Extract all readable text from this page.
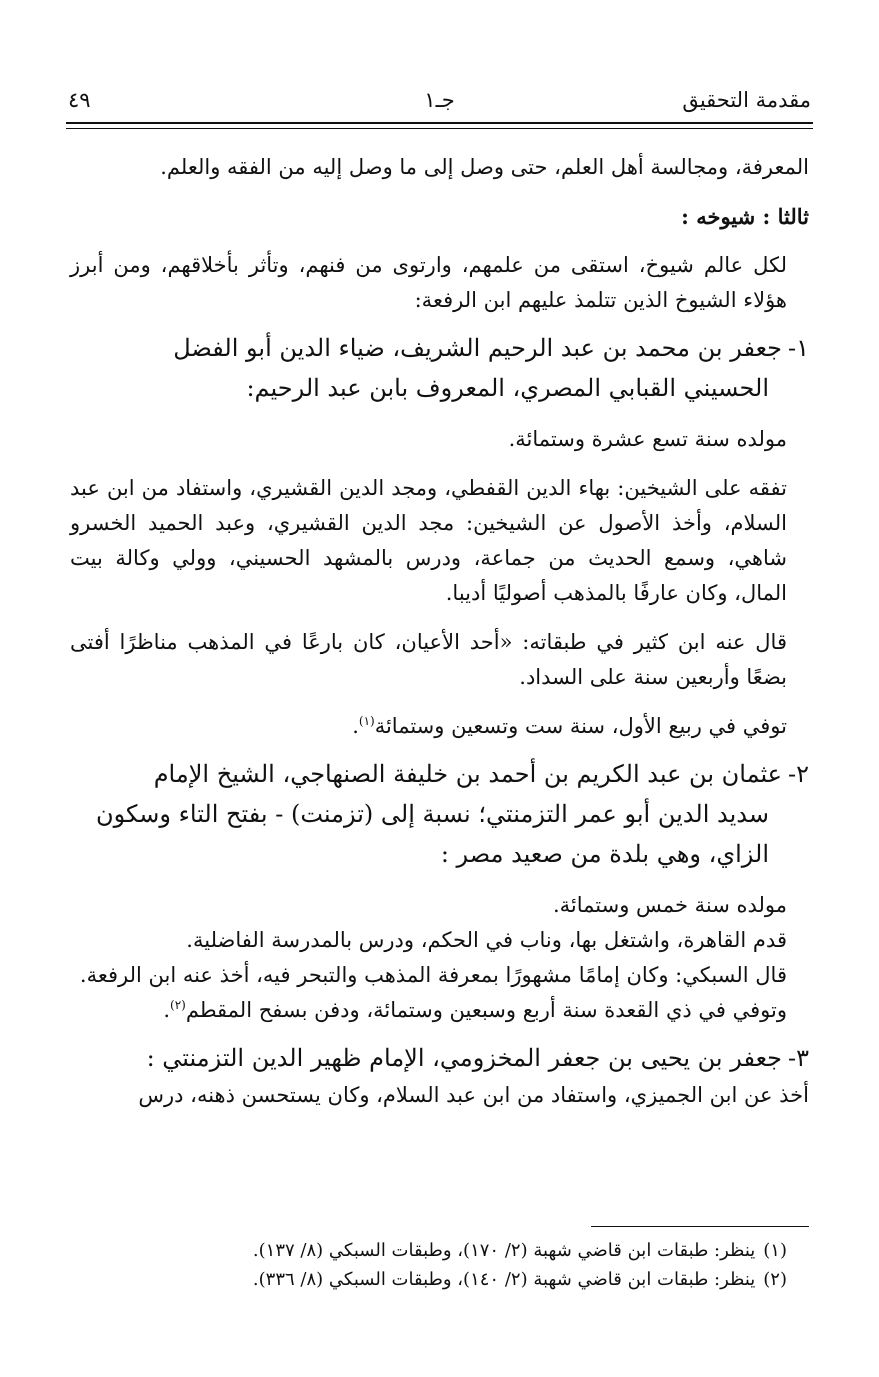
مقدمة التحقيق
جـ١
٤٩

المعرفة، ومجالسة أهل العلم، حتى وصل إلى ما وصل إليه من الفقه والعلم.

ثالثا : شيوخه :

لكل عالم شيوخ، استقى من علمهم، وارتوى من فنهم، وتأثر بأخلاقهم، ومن أبرز هؤلاء الشيوخ الذين تتلمذ عليهم ابن الرفعة:

١-جعفر بن محمد بن عبد الرحيم الشريف، ضياء الدين أبو الفضل

الحسيني القبابي المصري، المعروف بابن عبد الرحيم:

مولده سنة تسع عشرة وستمائة.

تفقه على الشيخين: بهاء الدين القفطي، ومجد الدين القشيري، واستفاد من ابن عبد السلام، وأخذ الأصول عن الشيخين: مجد الدين القشيري، وعبد الحميد الخسرو شاهي، وسمع الحديث من جماعة، ودرس بالمشهد الحسيني، وولي وكالة بيت المال، وكان عارفًا بالمذهب أصوليًا أديبا.

قال عنه ابن كثير في طبقاته: «أحد الأعيان، كان بارعًا في المذهب مناظرًا أفتى بضعًا وأربعين سنة على السداد.

توفي في ربيع الأول، سنة ست وتسعين وستمائة$^{(١)}$.

٢-عثمان بن عبد الكريم بن أحمد بن خليفة الصنهاجي، الشيخ الإمام

سديد الدين أبو عمر التزمنتي؛ نسبة إلى (تزمنت) - بفتح التاء وسكون

الزاي، وهي بلدة من صعيد مصر :

مولده سنة خمس وستمائة.

قدم القاهرة، واشتغل بها، وناب في الحكم، ودرس بالمدرسة الفاضلية.

قال السبكي: وكان إمامًا مشهورًا بمعرفة المذهب والتبحر فيه، أخذ عنه ابن الرفعة.

وتوفي في ذي القعدة سنة أربع وسبعين وستمائة، ودفن بسفح المقطم$^{(٢)}$.

٣-جعفر بن يحيى بن جعفر المخزومي، الإمام ظهير الدين التزمنتي :

أخذ عن ابن الجميزي، واستفاد من ابن عبد السلام، وكان يستحسن ذهنه، درس

(١)ينظر: طبقات ابن قاضي شهبة (٢/ ١٧٠)، وطبقات السبكي (٨/ ١٣٧).

(٢)ينظر: طبقات ابن قاضي شهبة (٢/ ١٤٠)، وطبقات السبكي (٨/ ٣٣٦).
